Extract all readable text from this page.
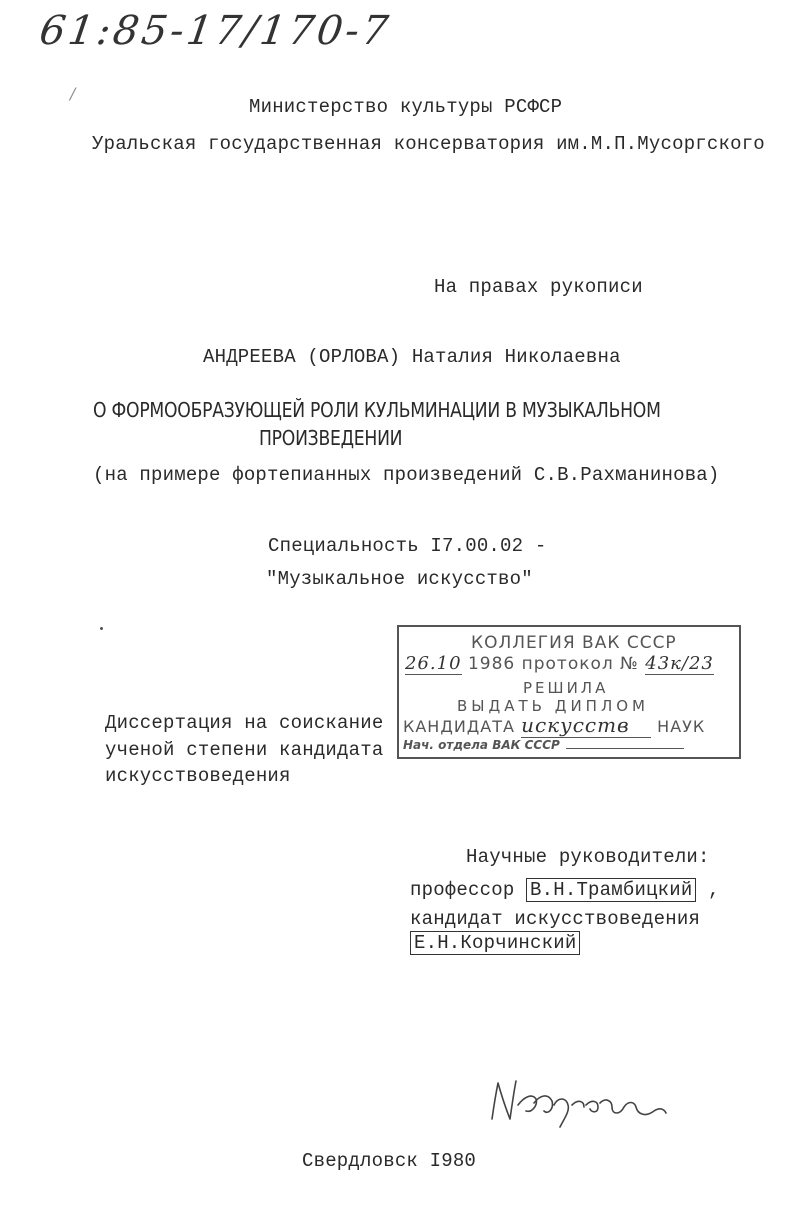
61:85-17/170-7
/
Министерство культуры РСФСР
Уральская государственная консерватория им.М.П.Мусоргского
На правах рукописи
АНДРЕЕВА (ОРЛОВА) Наталия Николаевна
О ФОРМООБРАЗУЮЩЕЙ РОЛИ КУЛЬМИНАЦИИ В МУЗЫКАЛЬНОМ
ПРОИЗВЕДЕНИИ
(на примере фортепианных произведений С.В.Рахманинова)
Специальность I7.00.02 -
"Музыкальное искусство"
КОЛЛЕГИЯ ВАК СССР
26.10 1986 протокол № 43к/23
РЕШИЛА
ВЫДАТЬ ДИПЛОМ
КАНДИДАТА искусств НАУК
Нач. отдела ВАК СССР
Диссертация на соискание
ученой степени кандидата
искусствоведения
Научные руководители:
профессор В.Н.Трамбицкий ,
кандидат искусствоведения
Е.Н.Корчинский
Свердловск I980
